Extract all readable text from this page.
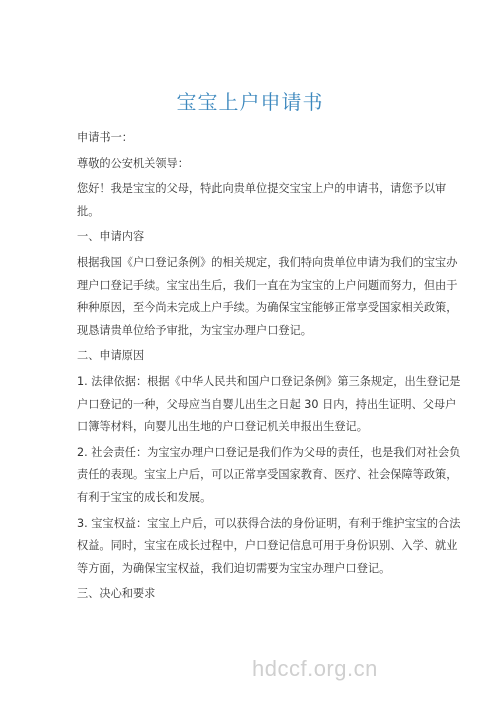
宝宝上户申请书
申请书一：
尊敬的公安机关领导：
您好！我是宝宝的父母，特此向贵单位提交宝宝上户的申请书，请您予以审
批。
一、申请内容
根据我国《户口登记条例》的相关规定，我们特向贵单位申请为我们的宝宝办
理户口登记手续。宝宝出生后，我们一直在为宝宝的上户问题而努力，但由于
种种原因，至今尚未完成上户手续。为确保宝宝能够正常享受国家相关政策，
现恳请贵单位给予审批，为宝宝办理户口登记。
二、申请原因
1. 法律依据：根据《中华人民共和国户口登记条例》第三条规定，出生登记是
户口登记的一种，父母应当自婴儿出生之日起 30 日内，持出生证明、父母户
口簿等材料，向婴儿出生地的户口登记机关申报出生登记。
2. 社会责任：为宝宝办理户口登记是我们作为父母的责任，也是我们对社会负
责任的表现。宝宝上户后，可以正常享受国家教育、医疗、社会保障等政策，
有利于宝宝的成长和发展。
3. 宝宝权益：宝宝上户后，可以获得合法的身份证明，有利于维护宝宝的合法
权益。同时，宝宝在成长过程中，户口登记信息可用于身份识别、入学、就业
等方面，为确保宝宝权益，我们迫切需要为宝宝办理户口登记。
三、决心和要求
hdccf.org.cn
